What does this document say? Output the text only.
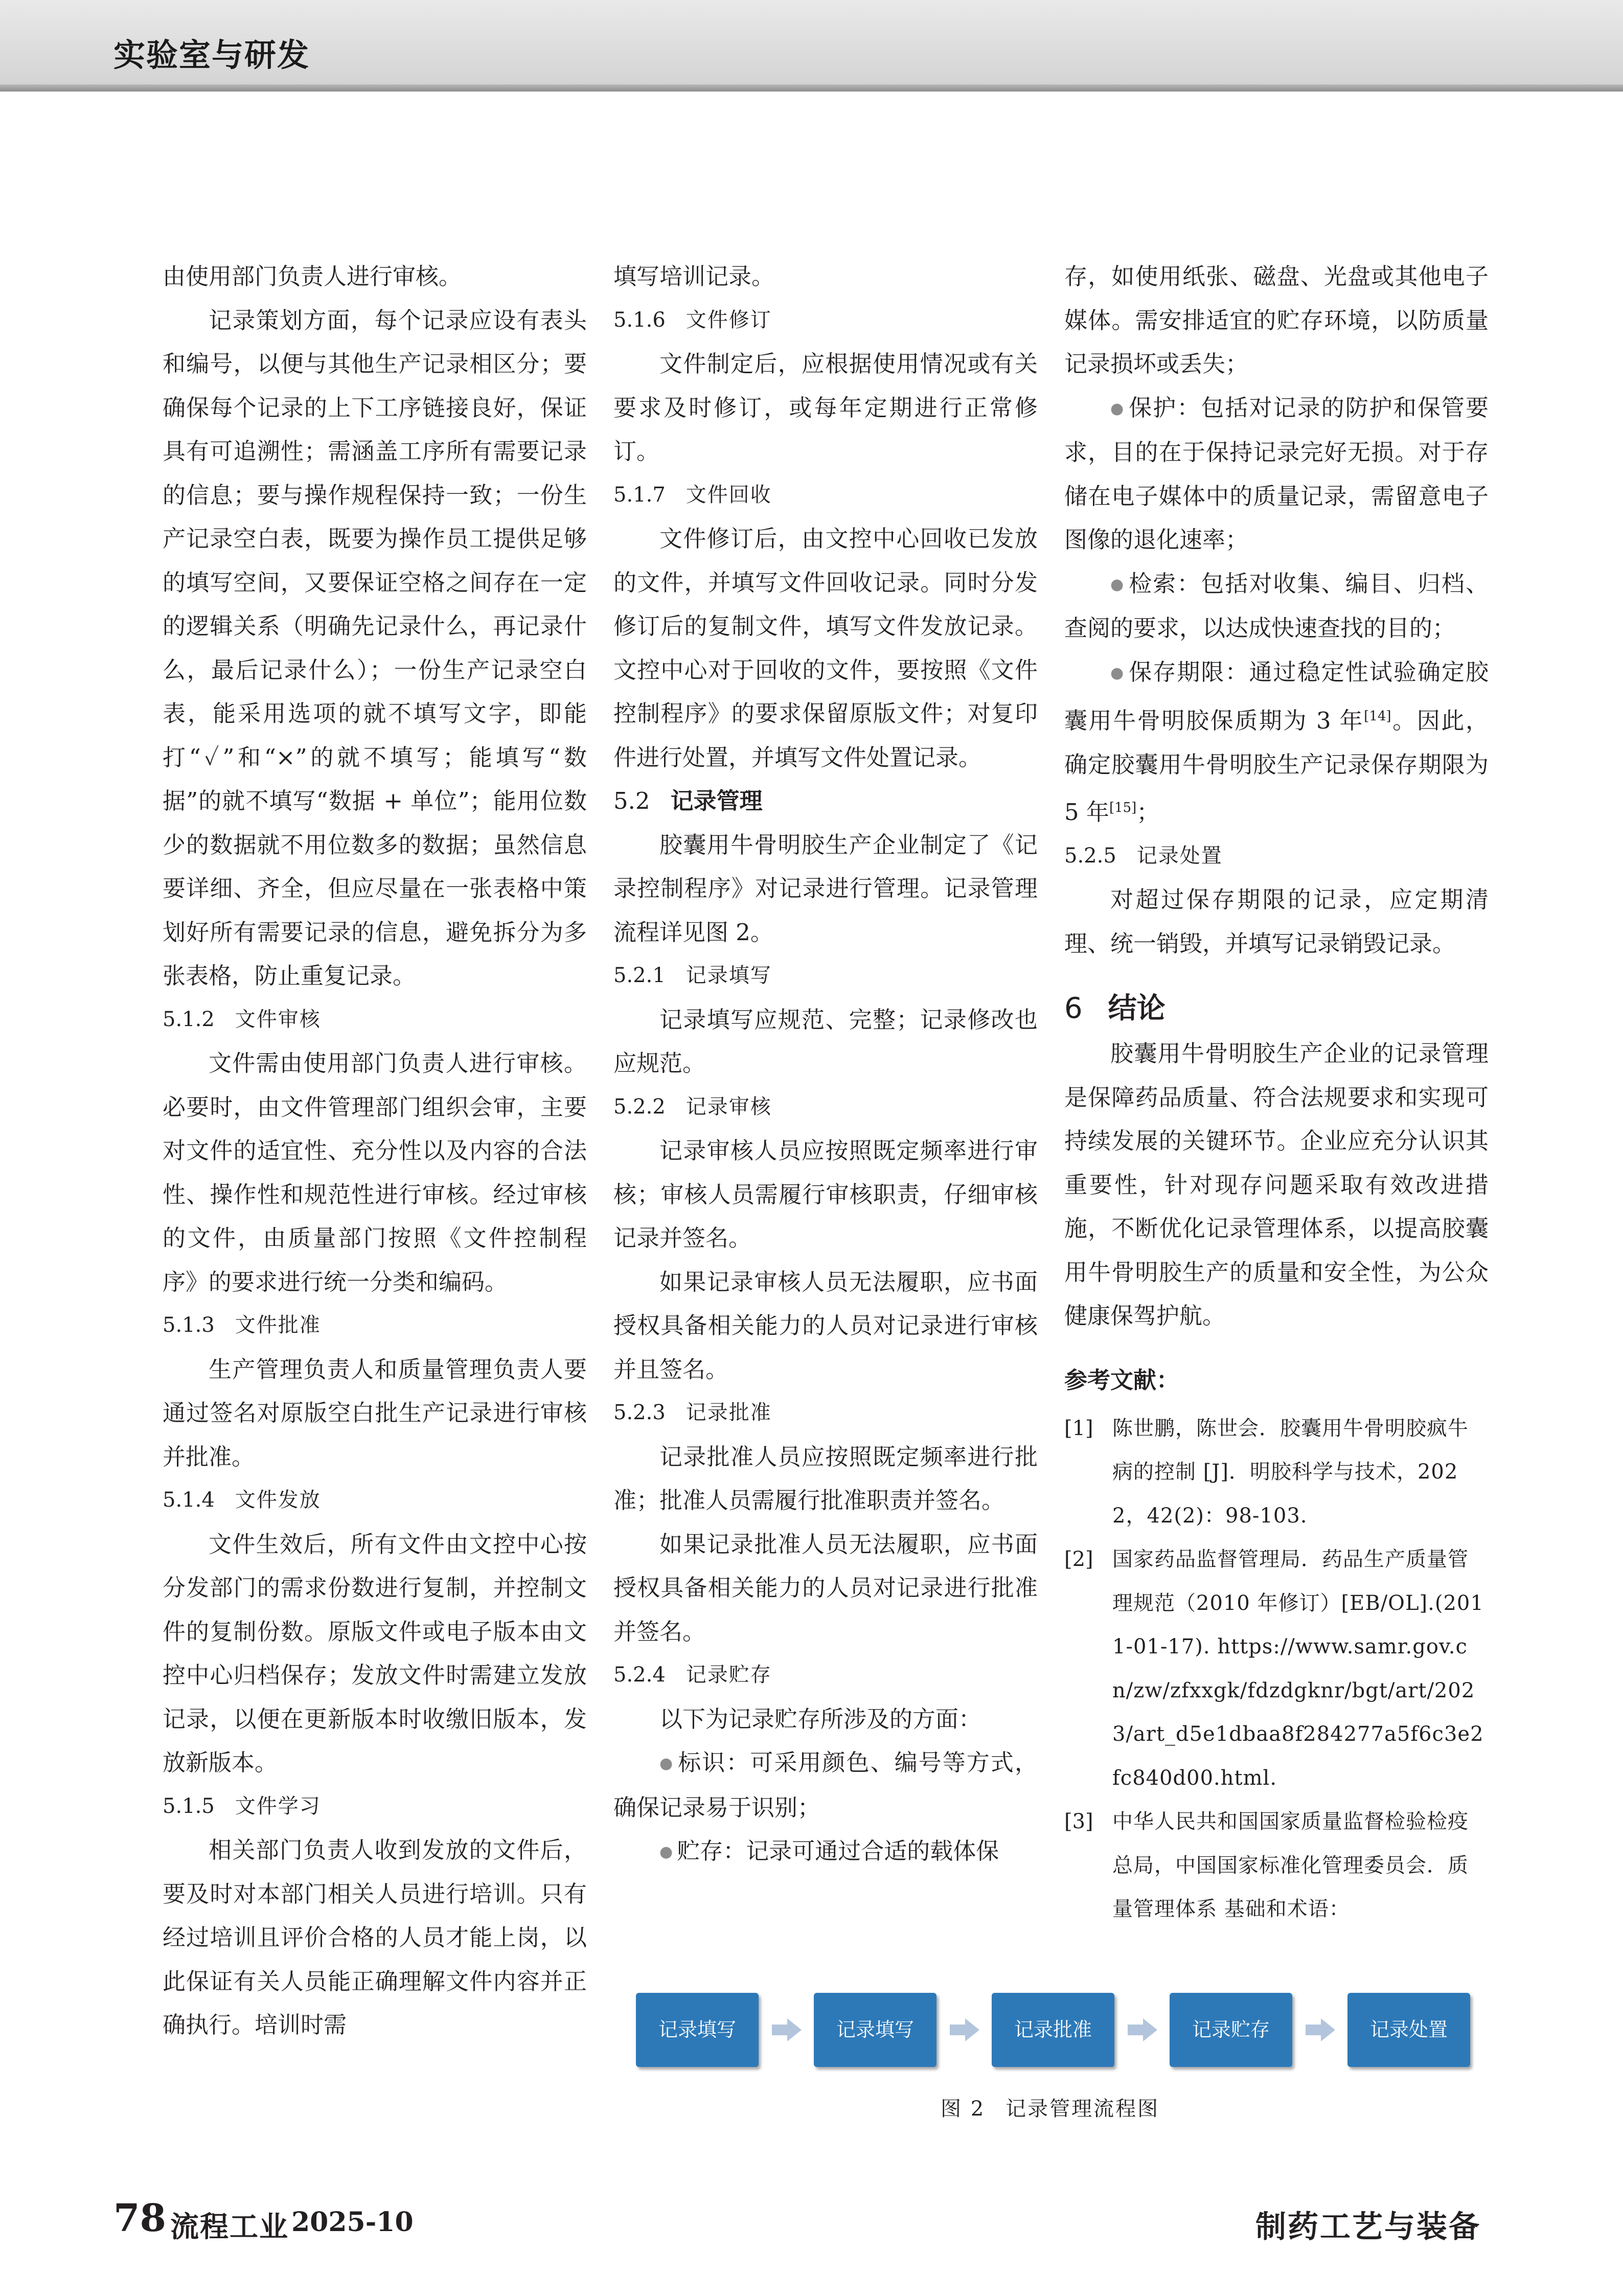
实验室与研发

由使用部门负责人进行审核。

记录策划方面，每个记录应设有表头和编号，以便与其他生产记录相区分；要确保每个记录的上下工序链接良好，保证具有可追溯性；需涵盖工序所有需要记录的信息；要与操作规程保持一致；一份生产记录空白表，既要为操作员工提供足够的填写空间，又要保证空格之间存在一定的逻辑关系（明确先记录什么，再记录什么，最后记录什么）；一份生产记录空白表，能采用选项的就不填写文字，即能打“✓”和“×”的就不填写；能填写“数据”的就不填写“数据 + 单位”；能用位数少的数据就不用位数多的数据；虽然信息要详细、齐全，但应尽量在一张表格中策划好所有需要记录的信息，避免拆分为多张表格，防止重复记录。

5.1.2 文件审核

文件需由使用部门负责人进行审核。必要时，由文件管理部门组织会审，主要对文件的适宜性、充分性以及内容的合法性、操作性和规范性进行审核。经过审核的文件，由质量部门按照《文件控制程序》的要求进行统一分类和编码。

5.1.3 文件批准

生产管理负责人和质量管理负责人要通过签名对原版空白批生产记录进行审核并批准。

5.1.4 文件发放

文件生效后，所有文件由文控中心按分发部门的需求份数进行复制，并控制文件的复制份数。原版文件或电子版本由文控中心归档保存；发放文件时需建立发放记录，以便在更新版本时收缴旧版本，发放新版本。

5.1.5 文件学习

相关部门负责人收到发放的文件后，要及时对本部门相关人员进行培训。只有经过培训且评价合格的人员才能上岗，以此保证有关人员能正确理解文件内容并正确执行。培训时需

填写培训记录。

5.1.6 文件修订

文件制定后，应根据使用情况或有关要求及时修订，或每年定期进行正常修订。

5.1.7 文件回收

文件修订后，由文控中心回收已发放的文件，并填写文件回收记录。同时分发修订后的复制文件，填写文件发放记录。文控中心对于回收的文件，要按照《文件控制程序》的要求保留原版文件；对复印件进行处置，并填写文件处置记录。

5.2 记录管理

胶囊用牛骨明胶生产企业制定了《记录控制程序》对记录进行管理。记录管理流程详见图 2。

5.2.1 记录填写

记录填写应规范、完整；记录修改也应规范。

5.2.2 记录审核

记录审核人员应按照既定频率进行审核；审核人员需履行审核职责，仔细审核记录并签名。

如果记录审核人员无法履职，应书面授权具备相关能力的人员对记录进行审核并且签名。

5.2.3 记录批准

记录批准人员应按照既定频率进行批准；批准人员需履行批准职责并签名。

如果记录批准人员无法履职，应书面授权具备相关能力的人员对记录进行批准并签名。

5.2.4 记录贮存

以下为记录贮存所涉及的方面：

● 标识：可采用颜色、编号等方式，确保记录易于识别；

● 贮存：记录可通过合适的载体保

存，如使用纸张、磁盘、光盘或其他电子媒体。需安排适宜的贮存环境，以防质量记录损坏或丢失；

● 保护：包括对记录的防护和保管要求，目的在于保持记录完好无损。对于存储在电子媒体中的质量记录，需留意电子图像的退化速率；

● 检索：包括对收集、编目、归档、查阅的要求，以达成快速查找的目的；

● 保存期限：通过稳定性试验确定胶囊用牛骨明胶保质期为 3 年[14]。因此，确定胶囊用牛骨明胶生产记录保存期限为 5 年[15]；

5.2.5 记录处置

对超过保存期限的记录，应定期清理、统一销毁，并填写记录销毁记录。

6 结论

胶囊用牛骨明胶生产企业的记录管理是保障药品质量、符合法规要求和实现可持续发展的关键环节。企业应充分认识其重要性，针对现存问题采取有效改进措施，不断优化记录管理体系，以提高胶囊用牛骨明胶生产的质量和安全性，为公众健康保驾护航。

参考文献：
[1] 陈世鹏，陈世会．胶囊用牛骨明胶疯牛病的控制 [J]．明胶科学与技术，2022，42(2)：98-103.
[2] 国家药品监督管理局．药品生产质量管理规范（2010 年修订）[EB/OL].(2011-01-17). https://www.samr.gov.cn/zw/zfxxgk/fdzdgknr/bgt/art/2023/art_d5e1dbaa8f284277a5f6c3e2fc840d00.html.
[3] 中华人民共和国国家质量监督检验检疫总局，中国国家标准化管理委员会．质量管理体系 基础和术语：
记录填写	记录填写	记录批准	记录贮存	记录处置
图 2 记录管理流程图
78 流程工业 2025-10	制药工艺与装备
